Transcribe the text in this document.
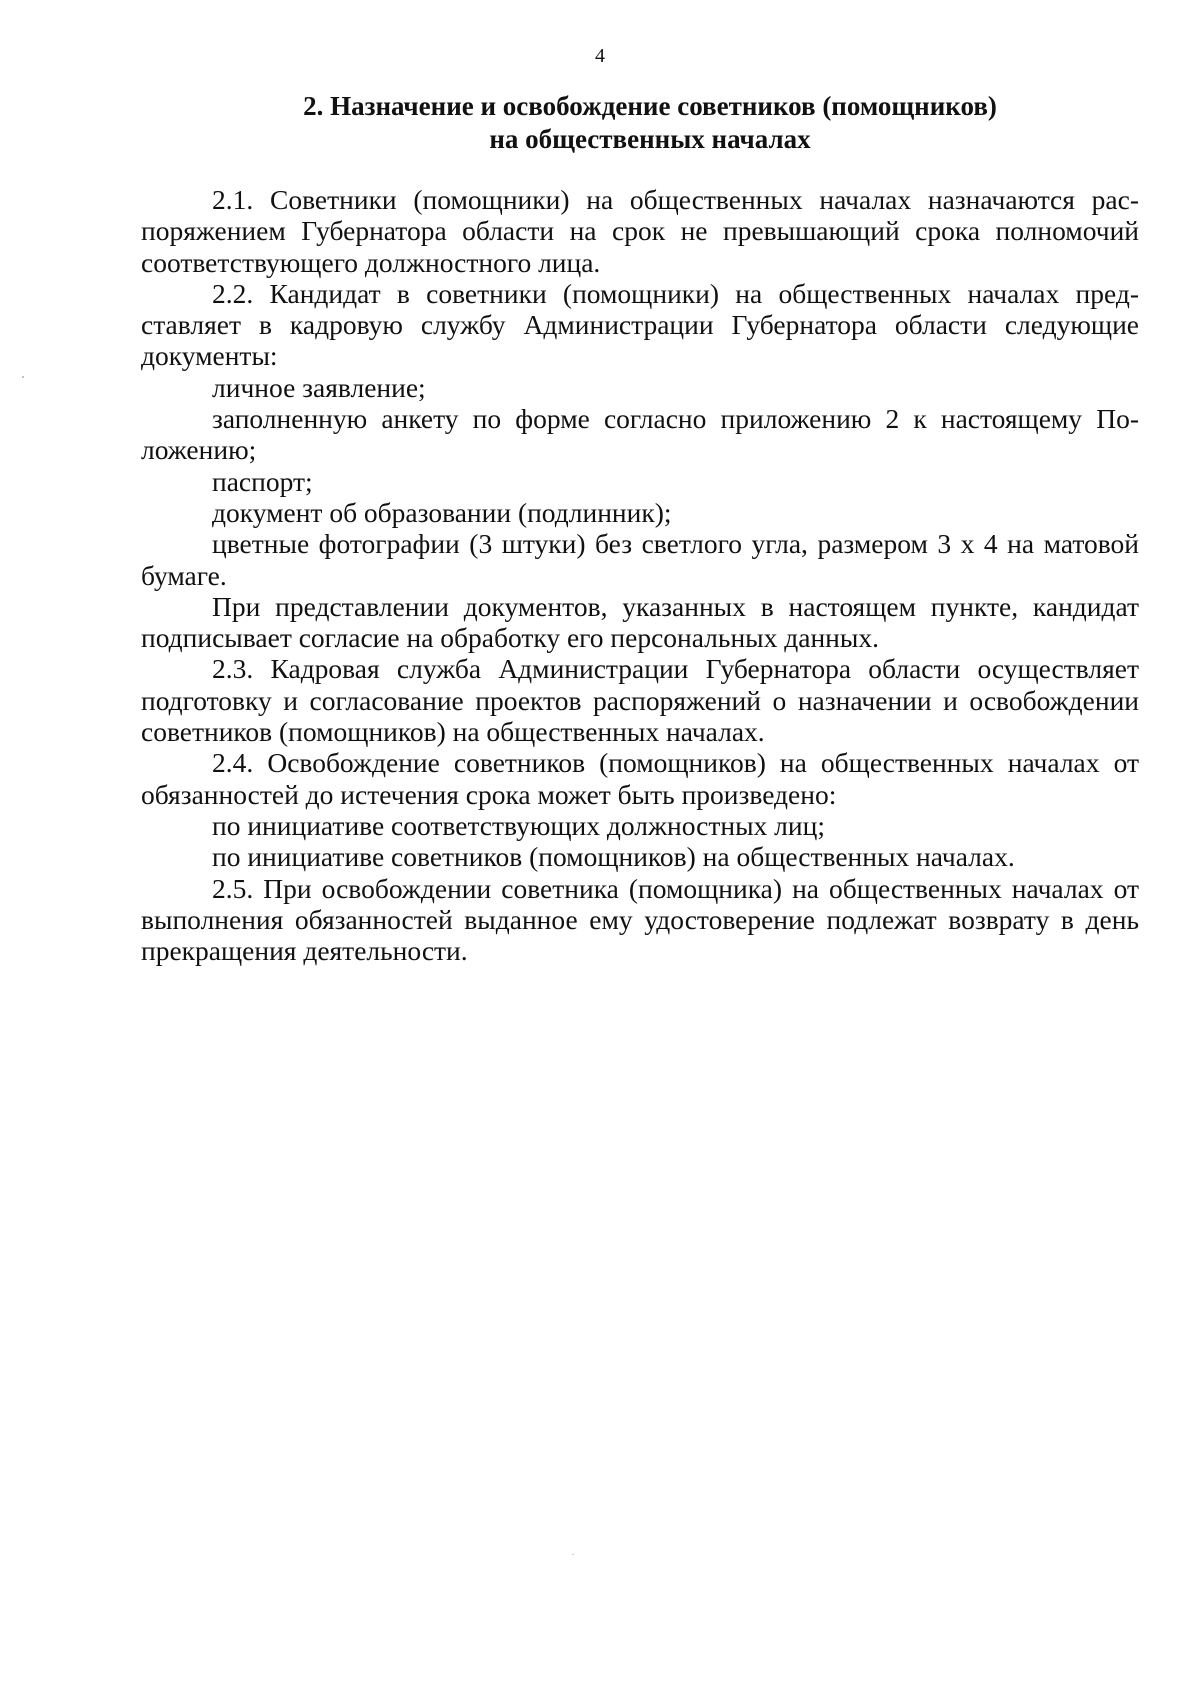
4
2. Назначение и освобождение советников (помощников)
на общественных началах

2.1. Советники (помощники) на общественных началах назначаются распоряжением Губернатора области на срок не превышающий срока полномочий соответствующего должностного лица.

2.2. Кандидат в советники (помощники) на общественных началах представляет в кадровую службу Администрации Губернатора области следующие документы:

личное заявление;

заполненную анкету по форме согласно приложению 2 к настоящему Положению;

паспорт;

документ об образовании (подлинник);

цветные фотографии (3 штуки) без светлого угла, размером 3 х 4 на матовой бумаге.

При представлении документов, указанных в настоящем пункте, кандидат подписывает согласие на обработку его персональных данных.

2.3. Кадровая служба Администрации Губернатора области осуществляет подготовку и согласование проектов распоряжений о назначении и освобождении советников (помощников) на общественных началах.

2.4. Освобождение советников (помощников) на общественных началах от обязанностей до истечения срока может быть произведено:

по инициативе соответствующих должностных лиц;

по инициативе советников (помощников) на общественных началах.

2.5. При освобождении советника (помощника) на общественных началах от выполнения обязанностей выданное ему удостоверение подлежат возврату в день прекращения деятельности.
